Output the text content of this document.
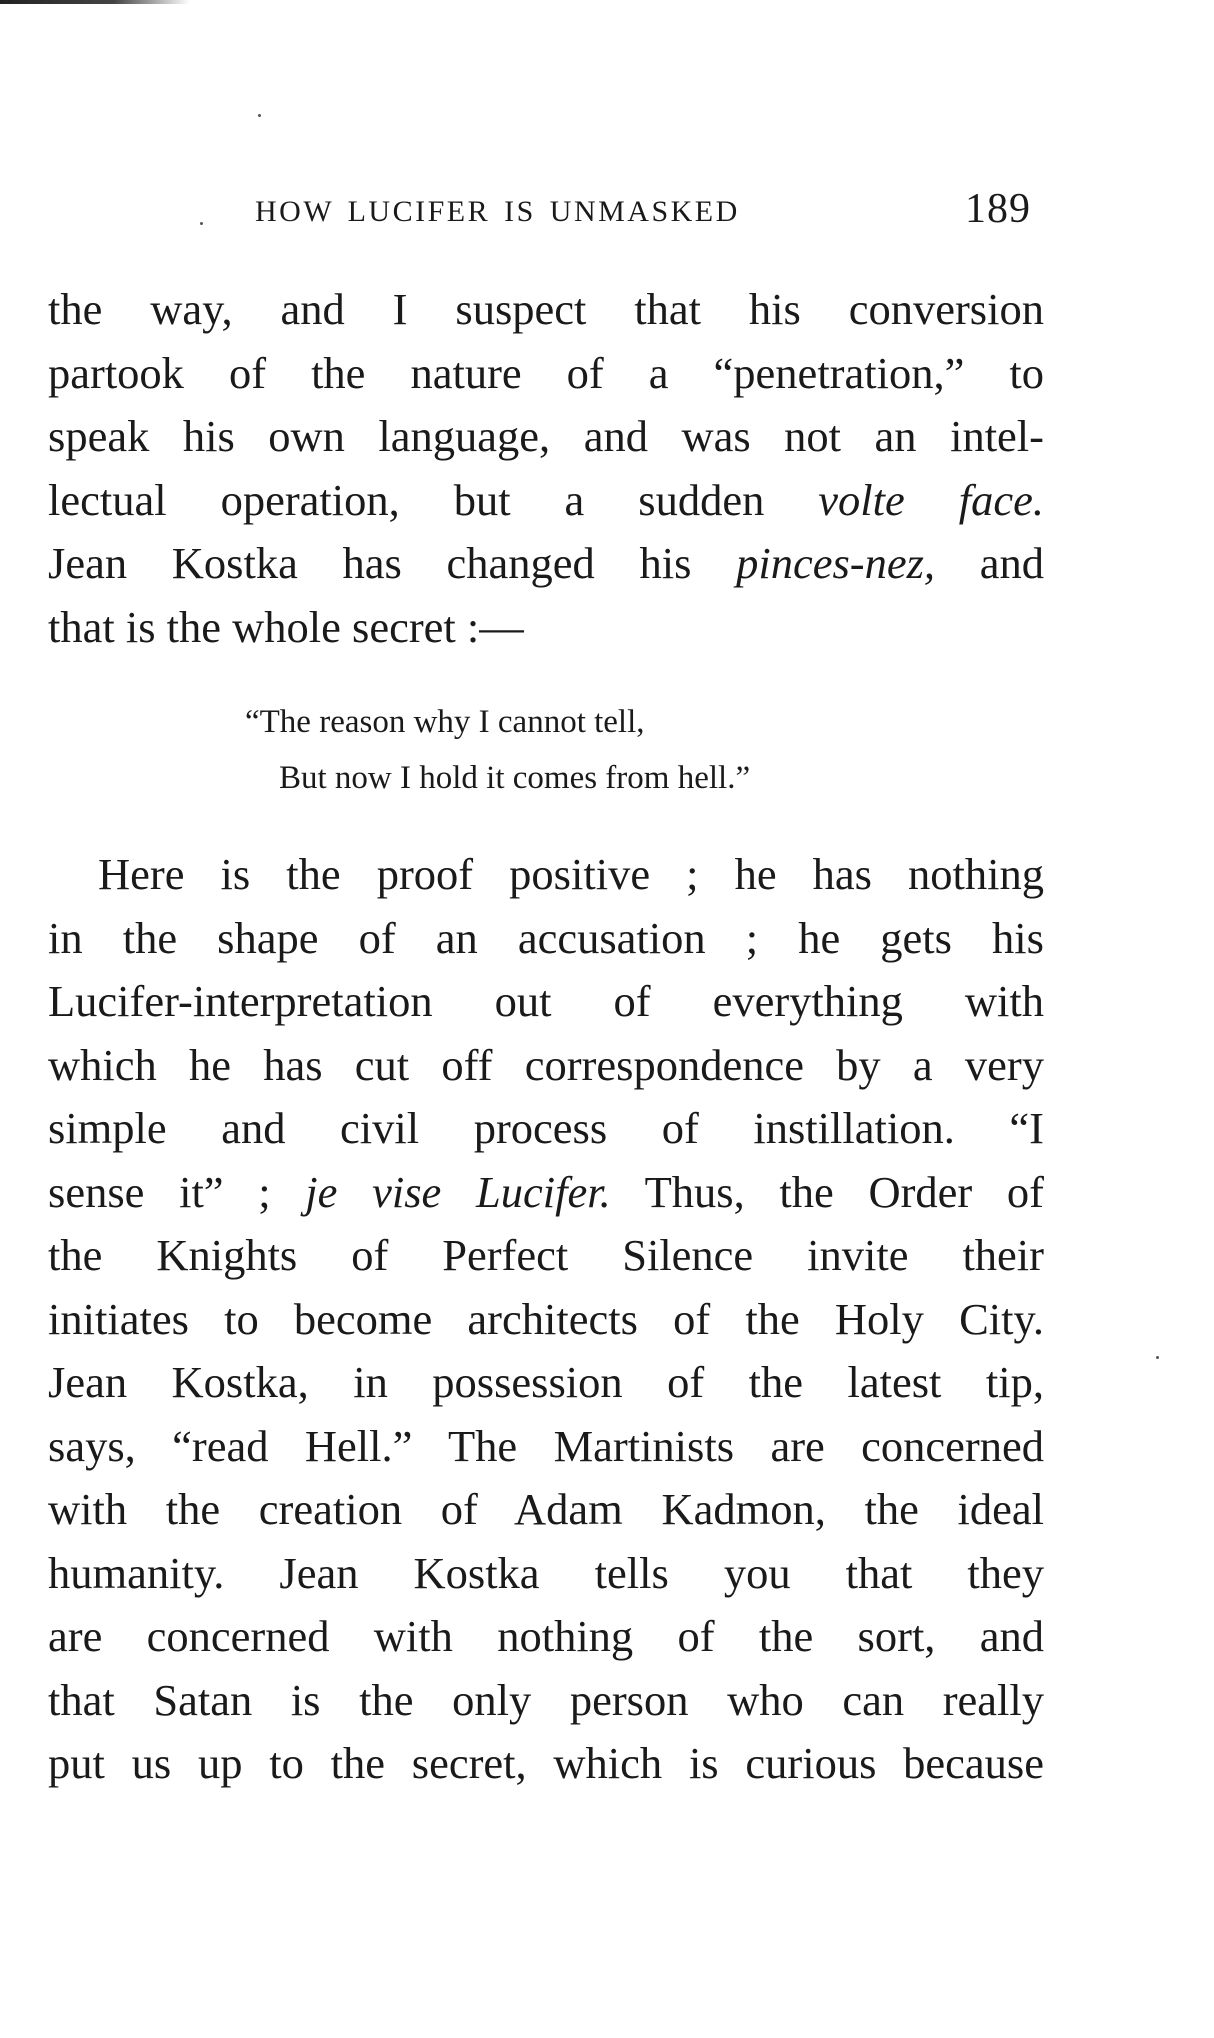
HOW LUCIFER IS UNMASKED	189
the way, and I suspect that his conversion
partook of the nature of a “penetration,” to
speak his own language, and was not an intel-
lectual operation, but a sudden volte face.
Jean Kostka has changed his pinces-nez, and
that is the whole secret :—
“The reason why I cannot tell,
But now I hold it comes from hell.”
Here is the proof positive ; he has nothing
in the shape of an accusation ; he gets his
Lucifer-interpretation out of everything with
which he has cut off correspondence by a very
simple and civil process of instillation. “I
sense it” ; je vise Lucifer. Thus, the Order of
the Knights of Perfect Silence invite their
initiates to become architects of the Holy City.
Jean Kostka, in possession of the latest tip,
says, “read Hell.” The Martinists are concerned
with the creation of Adam Kadmon, the ideal
humanity. Jean Kostka tells you that they
are concerned with nothing of the sort, and
that Satan is the only person who can really
put us up to the secret, which is curious because
